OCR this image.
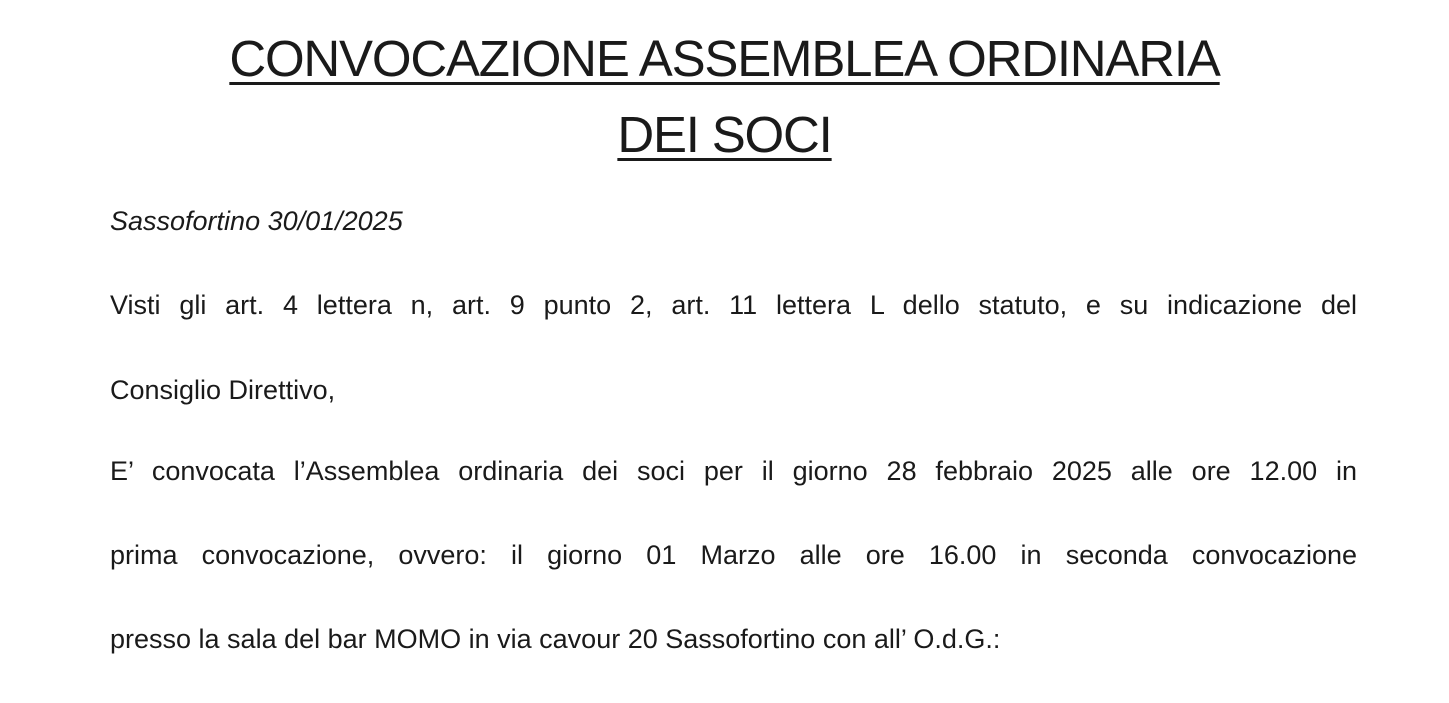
CONVOCAZIONE ASSEMBLEA ORDINARIA
DEI SOCI
Sassofortino 30/01/2025
Visti gli art. 4 lettera n, art. 9 punto 2, art. 11 lettera L dello statuto, e su indicazione del
Consiglio Direttivo,
E’ convocata l’Assemblea ordinaria dei soci per il giorno 28 febbraio 2025 alle ore 12.00 in
prima convocazione, ovvero: il giorno 01 Marzo alle ore 16.00 in seconda convocazione
presso la sala del bar MOMO in via cavour 20 Sassofortino con all’ O.d.G.:
